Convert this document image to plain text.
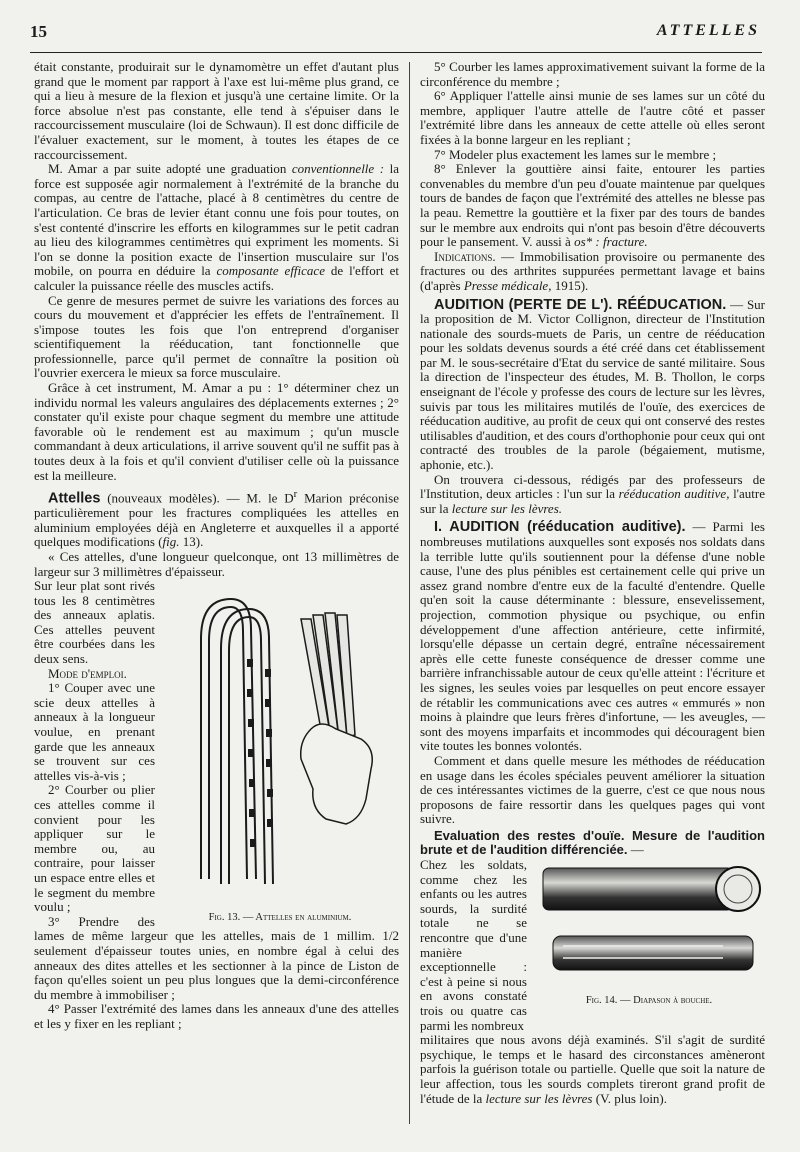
15	ATTELLES

était constante, produirait sur le dynamomètre un effet d'autant plus grand que le moment par rapport à l'axe est lui-même plus grand, ce qui a lieu à mesure de la flexion et jusqu'à une certaine limite. Or la force absolue n'est pas constante, elle tend à s'épuiser dans le raccourcissement musculaire (loi de Schwaun). Il est donc difficile de l'évaluer exactement, sur le moment, à toutes les étapes de ce raccourcissement.

M. Amar a par suite adopté une graduation conventionnelle : la force est supposée agir normalement à l'extrémité de la branche du compas, au centre de l'attache, placé à 8 centimètres du centre de l'articulation. Ce bras de levier étant connu une fois pour toutes, on s'est contenté d'inscrire les efforts en kilogrammes sur le petit cadran au lieu des kilogrammes centimètres qui expriment les moments. Si l'on se donne la position exacte de l'insertion musculaire sur l'os mobile, on pourra en déduire la composante efficace de l'effort et calculer la puissance réelle des muscles actifs.

Ce genre de mesures permet de suivre les variations des forces au cours du mouvement et d'apprécier les effets de l'entraînement. Il s'impose toutes les fois que l'on entreprend d'organiser scientifiquement la rééducation, tant fonctionnelle que professionnelle, parce qu'il permet de connaître la position où l'ouvrier exercera le mieux sa force musculaire.

Grâce à cet instrument, M. Amar a pu : 1° déterminer chez un individu normal les valeurs angulaires des déplacements externes ; 2° constater qu'il existe pour chaque segment du membre une attitude favorable où le rendement est au maximum ; qu'un muscle commandant à deux articulations, il arrive souvent qu'il ne suffit pas à toutes deux à la fois et qu'il convient d'utiliser celle où la puissance est la meilleure.

Attelles (nouveaux modèles). — M. le $D^r$ Marion préconise particulièrement pour les fractures compliquées les attelles en aluminium employées déjà en Angleterre et auxquelles il a apporté quelques modifications (fig. 13).

« Ces attelles, d'une longueur quelconque, ont 13 millimètres de largeur sur 3 millimètres d'épaisseur.

Fig. 13. — Attelles en aluminium.

Sur leur plat sont rivés tous les 8 centimètres des anneaux aplatis. Ces attelles peuvent être courbées dans les deux sens.

Mode d'emploi.

1° Couper avec une scie deux attelles à anneaux à la longueur voulue, en prenant garde que les anneaux se trouvent sur ces attelles vis-à-vis ;

2° Courber ou plier ces attelles comme il convient pour les appliquer sur le membre ou, au contraire, pour laisser un espace entre elles et le segment du membre voulu ;

3° Prendre des lames de même largeur que les attelles, mais de 1 millim. 1/2 seulement d'épaisseur toutes unies, en nombre égal à celui des anneaux des dites attelles et les sectionner à la pince de Liston de façon qu'elles soient un peu plus longues que la demi-circonférence du membre à immobiliser ;

4° Passer l'extrémité des lames dans les anneaux d'une des attelles et les y fixer en les repliant ;

5° Courber les lames approximativement suivant la forme de la circonférence du membre ;

6° Appliquer l'attelle ainsi munie de ses lames sur un côté du membre, appliquer l'autre attelle de l'autre côté et passer l'extrémité libre dans les anneaux de cette attelle où elles seront fixées à la bonne largeur en les repliant ;

7° Modeler plus exactement les lames sur le membre ;

8° Enlever la gouttière ainsi faite, entourer les parties convenables du membre d'un peu d'ouate maintenue par quelques tours de bandes de façon que l'extrémité des attelles ne blesse pas la peau. Remettre la gouttière et la fixer par des tours de bandes sur le membre aux endroits qui n'ont pas besoin d'être découverts pour le pansement. V. aussi à os* : fracture.

Indications. — Immobilisation provisoire ou permanente des fractures ou des arthrites suppurées permettant lavage et bains (d'après Presse médicale, 1915).

AUDITION (PERTE DE L'). RÉÉDUCATION. — Sur la proposition de M. Victor Collignon, directeur de l'Institution nationale des sourds-muets de Paris, un centre de rééducation pour les soldats devenus sourds a été créé dans cet établissement par M. le sous-secrétaire d'Etat du service de santé militaire. Sous la direction de l'inspecteur des études, M. B. Thollon, le corps enseignant de l'école y professe des cours de lecture sur les lèvres, suivis par tous les militaires mutilés de l'ouïe, des exercices de rééducation auditive, au profit de ceux qui ont conservé des restes utilisables d'audition, et des cours d'orthophonie pour ceux qui ont contracté des troubles de la parole (bégaiement, mutisme, aphonie, etc.).

On trouvera ci-dessous, rédigés par des professeurs de l'Institution, deux articles : l'un sur la rééducation auditive, l'autre sur la lecture sur les lèvres.

I. AUDITION (rééducation auditive). — Parmi les nombreuses mutilations auxquelles sont exposés nos soldats dans la terrible lutte qu'ils soutiennent pour la défense d'une noble cause, l'une des plus pénibles est certainement celle qui prive un assez grand nombre d'entre eux de la faculté d'entendre. Quelle qu'en soit la cause déterminante : blessure, ensevelissement, projection, commotion physique ou psychique, ou enfin développement d'une affection antérieure, cette infirmité, lorsqu'elle dépasse un certain degré, entraîne nécessairement après elle cette funeste conséquence de dresser comme une barrière infranchissable autour de ceux qu'elle atteint : l'écriture et les signes, les seules voies par lesquelles on peut encore essayer de rétablir les communications avec ces autres « emmurés » non moins à plaindre que leurs frères d'infortune, — les aveugles, — sont des moyens imparfaits et incommodes qui découragent bien vite toutes les bonnes volontés.

Comment et dans quelle mesure les méthodes de rééducation en usage dans les écoles spéciales peuvent améliorer la situation de ces intéressantes victimes de la guerre, c'est ce que nous nous proposons de faire ressortir dans les quelques pages qui vont suivre.

Evaluation des restes d'ouïe. Mesure de l'audition brute et de l'audition différenciée. —

Fig. 14. — Diapason à bouche.

Chez les soldats, comme chez les enfants ou les autres sourds, la surdité totale ne se rencontre que d'une manière exceptionnelle : c'est à peine si nous en avons constaté trois ou quatre cas parmi les nombreux

militaires que nous avons déjà examinés. S'il s'agit de surdité psychique, le temps et le hasard des circonstances amèneront parfois la guérison totale ou partielle. Quelle que soit la nature de leur affection, tous les sourds complets tireront grand profit de l'étude de la lecture sur les lèvres (V. plus loin).
